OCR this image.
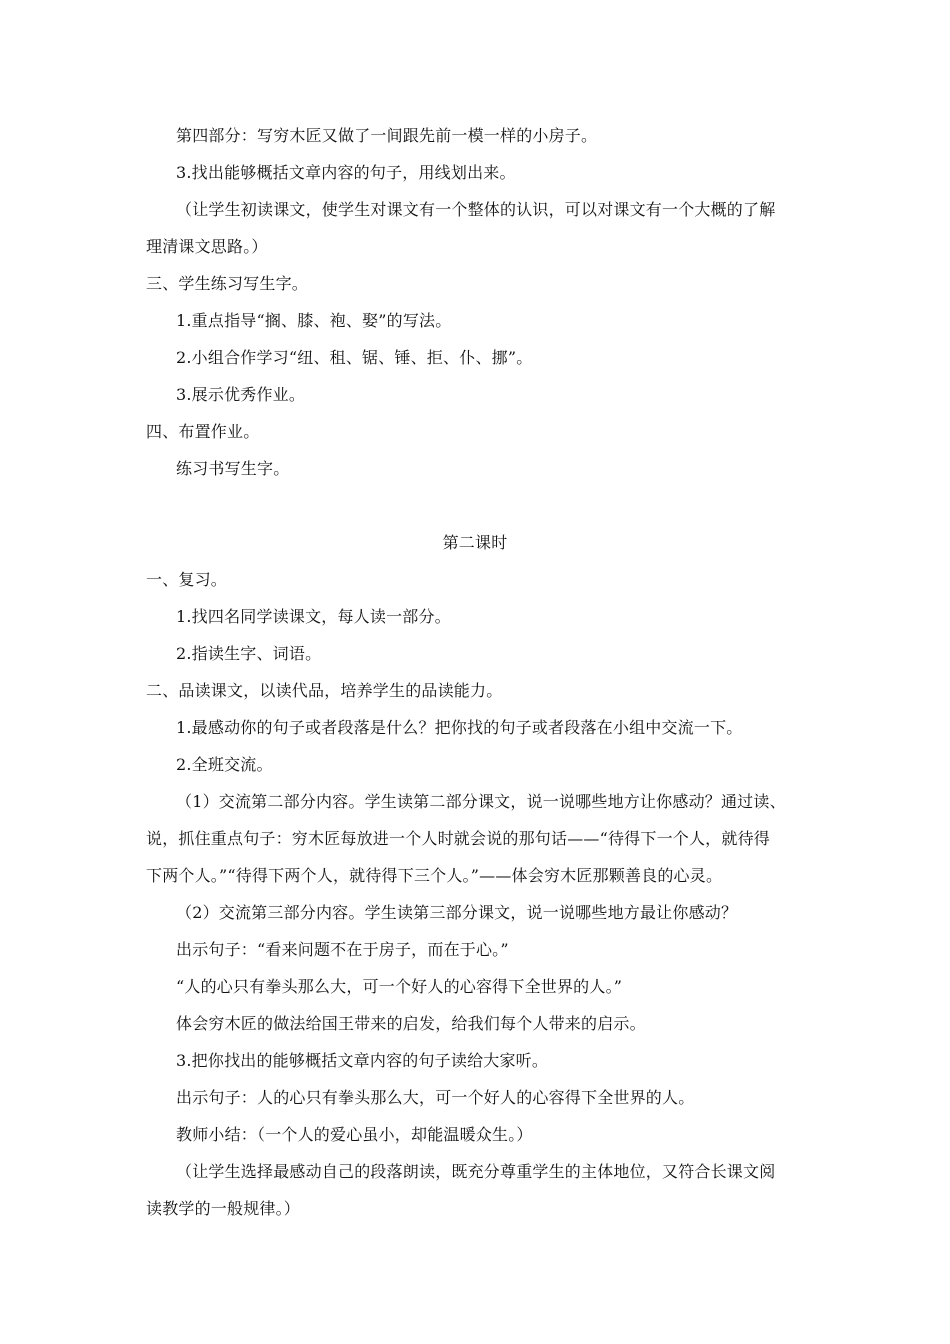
第四部分：写穷木匠又做了一间跟先前一模一样的小房子。
3.找出能够概括文章内容的句子，用线划出来。
（让学生初读课文，使学生对课文有一个整体的认识，可以对课文有一个大概的了解
理清课文思路。）
三、学生练习写生字。
1.重点指导“搁、膝、袍、娶”的写法。
2.小组合作学习“纽、租、锯、锤、拒、仆、挪”。
3.展示优秀作业。
四、布置作业。
练习书写生字。
第二课时
一、复习。
1.找四名同学读课文，每人读一部分。
2.指读生字、词语。
二、品读课文，以读代品，培养学生的品读能力。
1.最感动你的句子或者段落是什么？把你找的句子或者段落在小组中交流一下。
2.全班交流。
（1）交流第二部分内容。学生读第二部分课文，说一说哪些地方让你感动？通过读、
说，抓住重点句子：穷木匠每放进一个人时就会说的那句话——“待得下一个人，就待得
下两个人。”“待得下两个人，就待得下三个人。”——体会穷木匠那颗善良的心灵。
（2）交流第三部分内容。学生读第三部分课文，说一说哪些地方最让你感动？
出示句子：“看来问题不在于房子，而在于心。”
“人的心只有拳头那么大，可一个好人的心容得下全世界的人。”
体会穷木匠的做法给国王带来的启发，给我们每个人带来的启示。
3.把你找出的能够概括文章内容的句子读给大家听。
出示句子：人的心只有拳头那么大，可一个好人的心容得下全世界的人。
教师小结：（一个人的爱心虽小，却能温暖众生。）
（让学生选择最感动自己的段落朗读，既充分尊重学生的主体地位，又符合长课文阅
读教学的一般规律。）
